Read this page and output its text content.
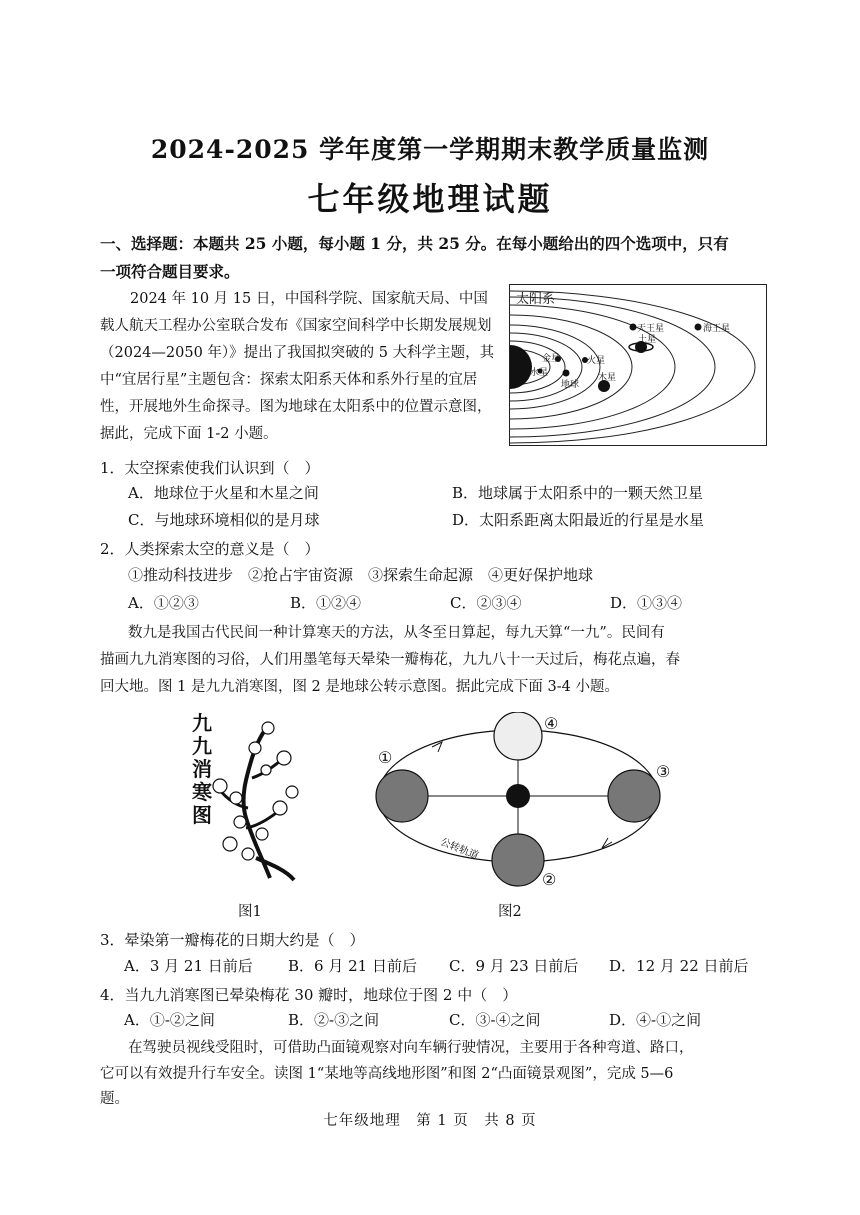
2024-2025 学年度第一学期期末教学质量监测
七年级地理试题
一、选择题：本题共 25 小题，每小题 1 分，共 25 分。在每小题给出的四个选项中，只有
一项符合题目要求。
2024 年 10 月 15 日，中国科学院、国家航天局、中国载人航天工程办公室联合发布《国家空间科学中长期发展规划（2024—2050 年）》提出了我国拟突破的 5 大科学主题，其中“宜居行星”主题包含：探索太阳系天体和系外行星的宜居性，开展地外生命探寻。图为地球在太阳系中的位置示意图，据此，完成下面 1-2 小题。
太阳系
水星
金星
地球
火星
木星
土星
天王星	海王星
1．太空探索使我们认识到（　）
A．地球位于火星和木星之间	B．地球属于太阳系中的一颗天然卫星
C．与地球环境相似的是月球	D．太阳系距离太阳最近的行星是水星
2．人类探索太空的意义是（　）
①推动科技进步　②抢占宇宙资源　③探索生命起源　④更好保护地球
A．①②③	B．①②④	C．②③④	D．①③④
数九是我国古代民间一种计算寒天的方法，从冬至日算起，每九天算“一九”。民间有
描画九九消寒图的习俗，人们用墨笔每天晕染一瓣梅花，九九八十一天过后，梅花点遍，春
回大地。图 1 是九九消寒图，图 2 是地球公转示意图。据此完成下面 3-4 小题。
九九消寒图
图1
①
②
③
④
公转轨道
图2
3．晕染第一瓣梅花的日期大约是（　）
A．3 月 21 日前后 B．6 月 21 日前后 C．9 月 23 日前后 D．12 月 22 日前后
4．当九九消寒图已晕染梅花 30 瓣时，地球位于图 2 中（　）
A．①-②之间	B．②-③之间	C．③-④之间	D．④-①之间
在驾驶员视线受阻时，可借助凸面镜观察对向车辆行驶情况，主要用于各种弯道、路口，
它可以有效提升行车安全。读图 1“某地等高线地形图”和图 2“凸面镜景观图”，完成 5—6
题。
七年级地理　第 1 页　共 8 页
